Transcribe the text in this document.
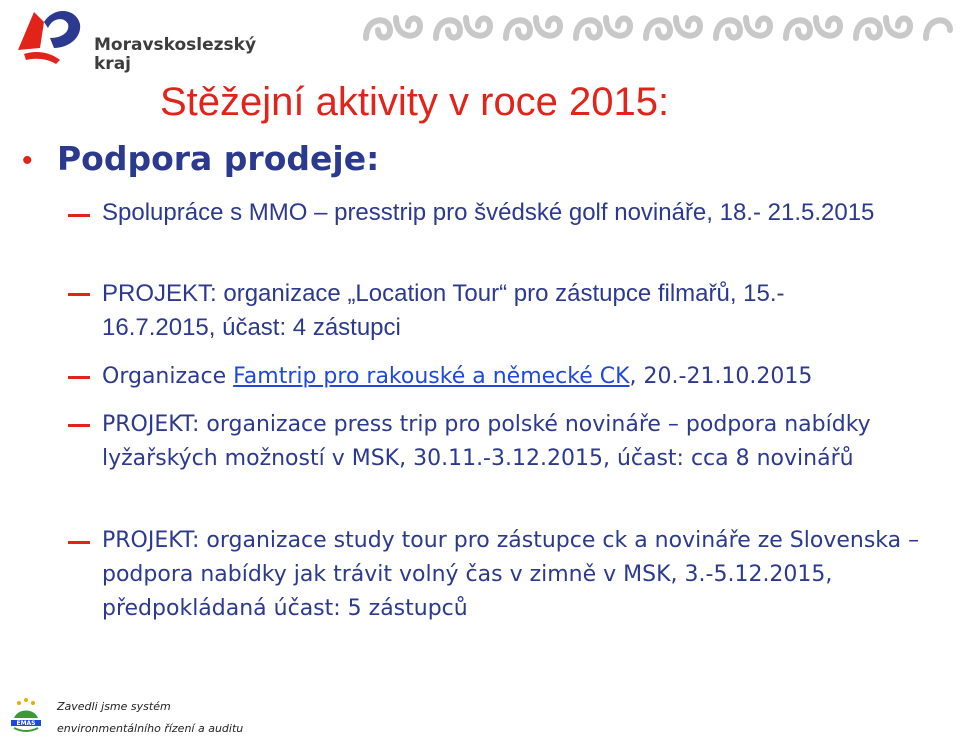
Moravskoslezský
kraj
Stěžejní aktivity v roce 2015:
• Podpora prodeje:
Spolupráce s MMO – presstrip pro švédské golf novináře, 18.- 21.5.2015
PROJEKT: organizace „Location Tour“ pro zástupce filmařů, 15.- 16.7.2015, účast: 4 zástupci
Organizace Famtrip pro rakouské a německé CK, 20.-21.10.2015
PROJEKT: organizace press trip pro polské novináře – podpora nabídky lyžařských možností v MSK, 30.11.-3.12.2015, účast: cca 8 novinářů
PROJEKT: organizace study tour pro zástupce ck a novináře ze Slovenska – podpora nabídky jak trávit volný čas v zimně v MSK, 3.-5.12.2015, předpokládaná účast: 5 zástupců
EMAS
Zavedli jsme systém
environmentálního řízení a auditu
